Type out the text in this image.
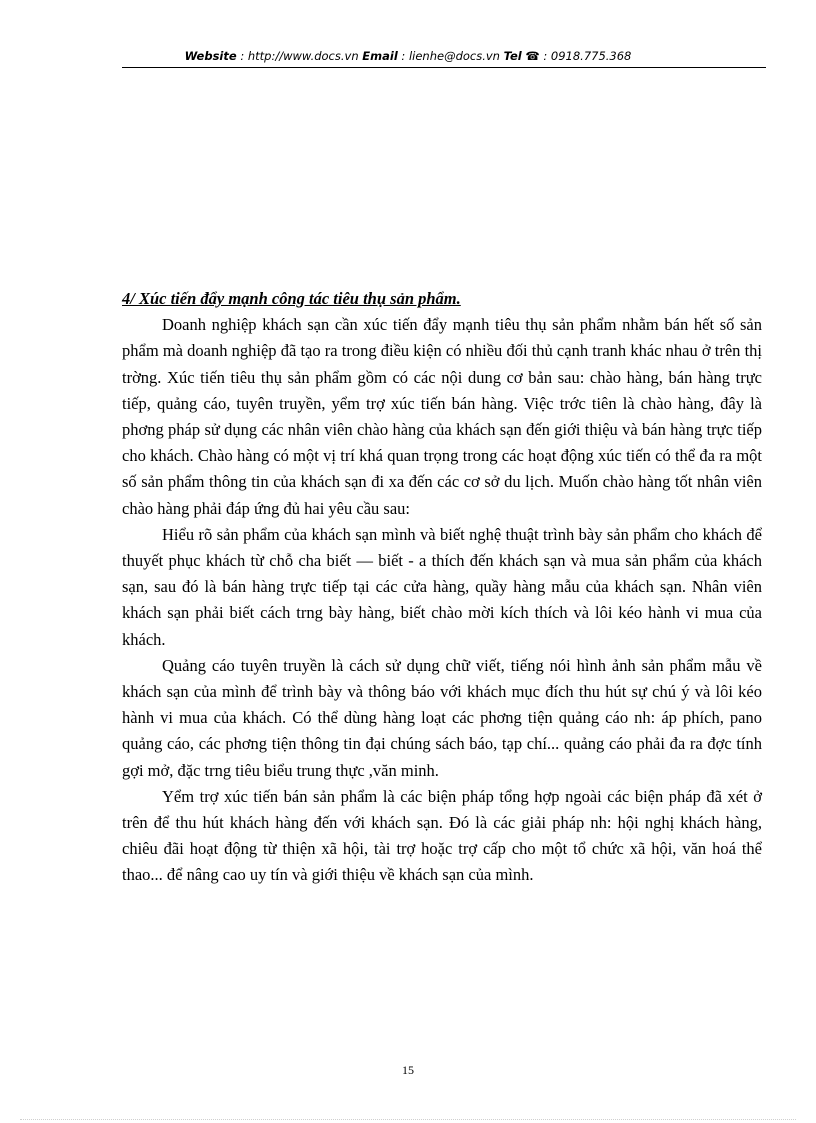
Website : http://www.docs.vn Email : lienhe@docs.vn Tel ☎ : 0918.775.368
4/ Xúc tiến đẩy mạnh công tác tiêu thụ sản phẩm.

Doanh nghiệp khách sạn cần xúc tiến đẩy mạnh tiêu thụ sản phẩm nhằm bán hết số sản phẩm mà doanh nghiệp đã tạo ra trong điều kiện có nhiều đối thủ cạnh tranh khác nhau ở trên thị trờng. Xúc tiến tiêu thụ sản phẩm gồm có các nội dung cơ bản sau: chào hàng, bán hàng trực tiếp, quảng cáo, tuyên truyền, yểm trợ xúc tiến bán hàng. Việc trớc tiên là chào hàng, đây là phơng pháp sử dụng các nhân viên chào hàng của khách sạn đến giới thiệu và bán hàng trực tiếp cho khách. Chào hàng có một vị trí khá quan trọng trong các hoạt động xúc tiến có thể đa ra một số sản phẩm thông tin của khách sạn đi xa đến các cơ sở du lịch. Muốn chào hàng tốt nhân viên chào hàng phải đáp ứng đủ hai yêu cầu sau:

Hiểu rõ sản phẩm của khách sạn mình và biết nghệ thuật trình bày sản phẩm cho khách để thuyết phục khách từ chỗ cha biết — biết - a thích đến khách sạn và mua sản phẩm của khách sạn, sau đó là bán hàng trực tiếp tại các cửa hàng, quầy hàng mẫu của khách sạn. Nhân viên khách sạn phải biết cách trng bày hàng, biết chào mời kích thích và lôi kéo hành vi mua của khách.

Quảng cáo tuyên truyền là cách sử dụng chữ viết, tiếng nói hình ảnh sản phẩm mẫu về khách sạn của mình để trình bày và thông báo với khách mục đích thu hút sự chú ý và lôi kéo hành vi mua của khách. Có thể dùng hàng loạt các phơng tiện quảng cáo nh: áp phích, pano quảng cáo, các phơng tiện thông tin đại chúng sách báo, tạp chí... quảng cáo phải đa ra đợc tính gợi mở, đặc trng tiêu biểu trung thực ,văn minh.

Yểm trợ xúc tiến bán sản phẩm là các biện pháp tổng hợp ngoài các biện pháp đã xét ở trên để thu hút khách hàng đến với khách sạn. Đó là các giải pháp nh: hội nghị khách hàng, chiêu đãi hoạt động từ thiện xã hội, tài trợ hoặc trợ cấp cho một tổ chức xã hội, văn hoá thể thao... để nâng cao uy tín và giới thiệu về khách sạn của mình.

15
